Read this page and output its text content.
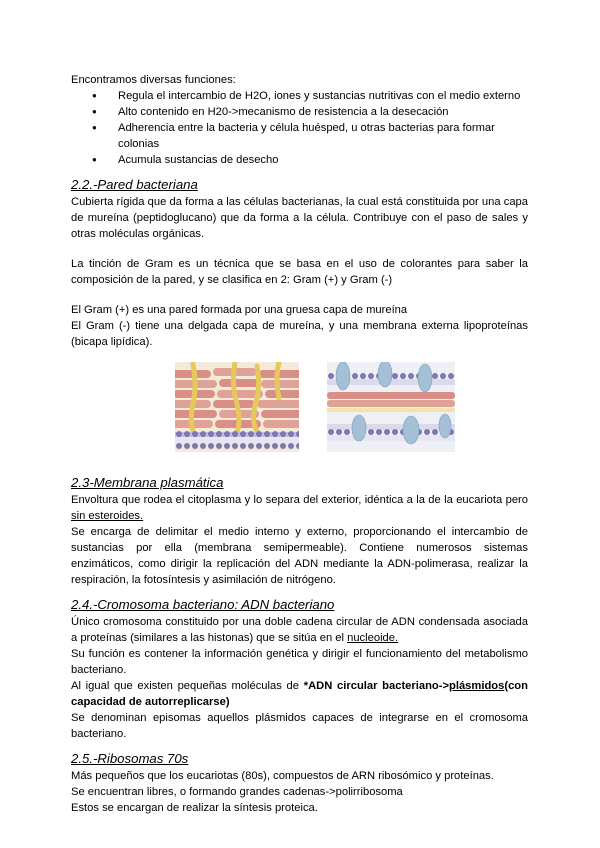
Encontramos diversas funciones:

● Regula el intercambio de H2O, iones y sustancias nutritivas con el medio externo
● Alto contenido en H20->mecanismo de resistencia a la desecación
● Adherencia entre la bacteria y célula huésped, u otras bacterias para formar colonias
● Acumula sustancias de desecho
2.2.-Pared bacteriana

Cubierta rígida que da forma a las células bacterianas, la cual está constituida por una capa de mureína (peptidoglucano) que da forma a la célula. Contribuye con el paso de sales y otras moléculas orgánicas.

La tinción de Gram es un técnica que se basa en el uso de colorantes para saber la composición de la pared, y se clasifica en 2: Gram (+) y Gram (-)

El Gram (+) es una pared formada por una gruesa capa de mureína

El Gram (-) tiene una delgada capa de mureína, y una membrana externa lipoproteínas (bicapa lipídica).

2.3-Membrana plasmática

Envoltura que rodea el citoplasma y lo separa del exterior, idéntica a la de la eucariota pero sin esteroides.

Se encarga de delimitar el medio interno y externo, proporcionando el intercambio de sustancias por ella (membrana semipermeable). Contiene numerosos sistemas enzimáticos, como dirigir la replicación del ADN mediante la ADN-polimerasa, realizar la respiración, la fotosíntesis y asimilación de nitrógeno.

2.4.-Cromosoma bacteriano: ADN bacteriano

Único cromosoma constituido por una doble cadena circular de ADN condensada asociada a proteínas (similares a las histonas) que se sitúa en el nucleoide.

Su función es contener la información genética y dirigir el funcionamiento del metabolismo bacteriano.

Al igual que existen pequeñas moléculas de *ADN circular bacteriano->plásmidos(con capacidad de autorreplicarse)

Se denominan episomas aquellos plásmidos capaces de integrarse en el cromosoma bacteriano.

2.5.-Ribosomas 70s

Más pequeños que los eucariotas (80s), compuestos de ARN ribosómico y proteínas.

Se encuentran libres, o formando grandes cadenas->polirribosoma

Estos se encargan de realizar la síntesis proteica.
